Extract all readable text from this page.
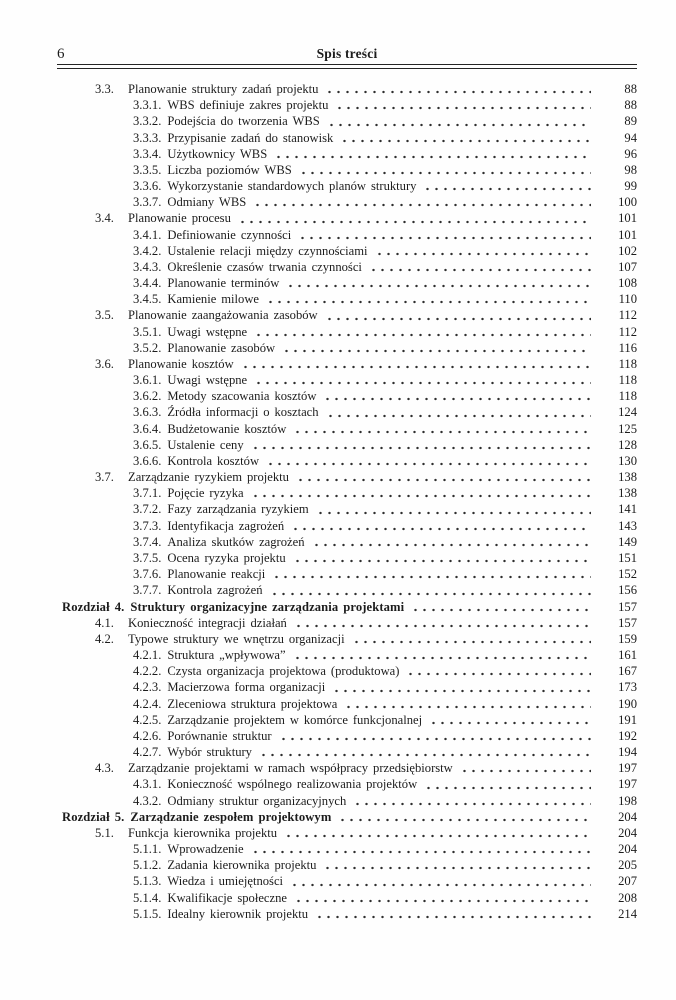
6	Spis treści
3.3.	Planowanie struktury zadań projektu	88
3.3.1. WBS definiuje zakres projektu	88
3.3.2. Podejścia do tworzenia WBS	89
3.3.3. Przypisanie zadań do stanowisk	94
3.3.4. Użytkownicy WBS	96
3.3.5. Liczba poziomów WBS	98
3.3.6. Wykorzystanie standardowych planów struktury	99
3.3.7. Odmiany WBS	100
3.4.	Planowanie procesu	101
3.4.1. Definiowanie czynności	101
3.4.2. Ustalenie relacji między czynnościami	102
3.4.3. Określenie czasów trwania czynności	107
3.4.4. Planowanie terminów	108
3.4.5. Kamienie milowe	110
3.5.	Planowanie zaangażowania zasobów	112
3.5.1. Uwagi wstępne	112
3.5.2. Planowanie zasobów	116
3.6.	Planowanie kosztów	118
3.6.1. Uwagi wstępne	118
3.6.2. Metody szacowania kosztów	118
3.6.3. Źródła informacji o kosztach	124
3.6.4. Budżetowanie kosztów	125
3.6.5. Ustalenie ceny	128
3.6.6. Kontrola kosztów	130
3.7.	Zarządzanie ryzykiem projektu	138
3.7.1. Pojęcie ryzyka	138
3.7.2. Fazy zarządzania ryzykiem	141
3.7.3. Identyfikacja zagrożeń	143
3.7.4. Analiza skutków zagrożeń	149
3.7.5. Ocena ryzyka projektu	151
3.7.6. Planowanie reakcji	152
3.7.7. Kontrola zagrożeń	156
Rozdział 4. Struktury organizacyjne zarządzania projektami	157
4.1.	Konieczność integracji działań	157
4.2.	Typowe struktury we wnętrzu organizacji	159
4.2.1. Struktura „wpływowa”	161
4.2.2. Czysta organizacja projektowa (produktowa)	167
4.2.3. Macierzowa forma organizacji	173
4.2.4. Zleceniowa struktura projektowa	190
4.2.5. Zarządzanie projektem w komórce funkcjonalnej	191
4.2.6. Porównanie struktur	192
4.2.7. Wybór struktury	194
4.3.	Zarządzanie projektami w ramach współpracy przedsiębiorstw	197
4.3.1. Konieczność wspólnego realizowania projektów	197
4.3.2. Odmiany struktur organizacyjnych	198
Rozdział 5. Zarządzanie zespołem projektowym	204
5.1.	Funkcja kierownika projektu	204
5.1.1. Wprowadzenie	204
5.1.2. Zadania kierownika projektu	205
5.1.3. Wiedza i umiejętności	207
5.1.4. Kwalifikacje społeczne	208
5.1.5. Idealny kierownik projektu	214
